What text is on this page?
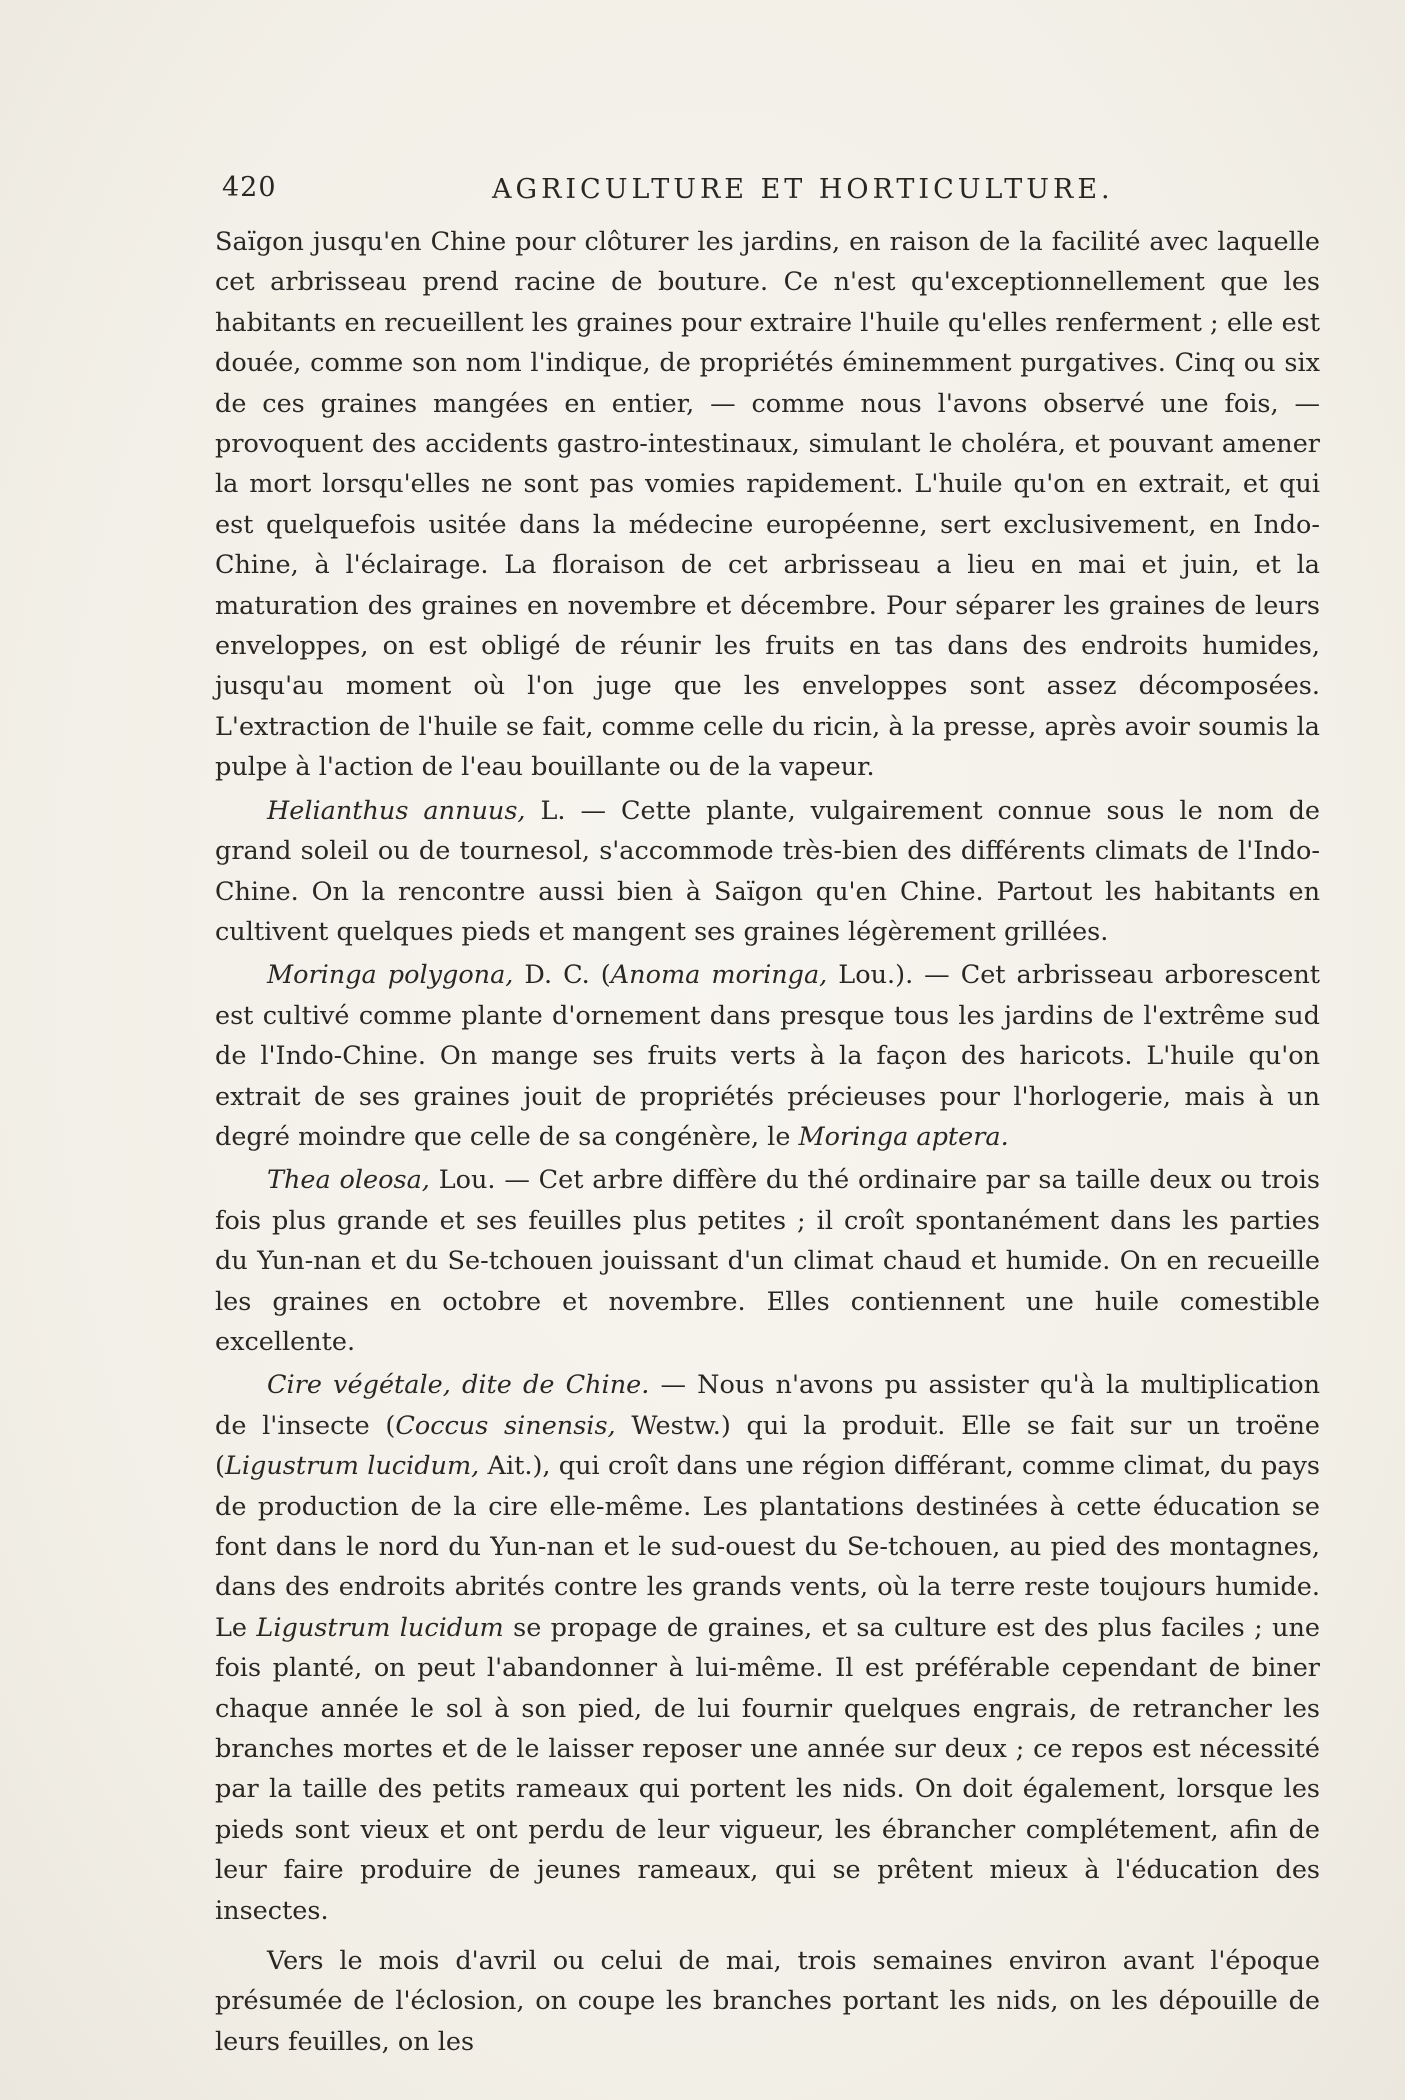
420	AGRICULTURE ET HORTICULTURE.

Saïgon jusqu'en Chine pour clôturer les jardins, en raison de la facilité avec laquelle cet arbrisseau prend racine de bouture. Ce n'est qu'exceptionnellement que les habitants en recueillent les graines pour extraire l'huile qu'elles renferment ; elle est douée, comme son nom l'indique, de propriétés éminemment purgatives. Cinq ou six de ces graines mangées en entier, — comme nous l'avons observé une fois, — provoquent des accidents gastro-intestinaux, simulant le choléra, et pouvant amener la mort lorsqu'elles ne sont pas vomies rapidement. L'huile qu'on en extrait, et qui est quelquefois usitée dans la médecine européenne, sert exclusivement, en Indo-Chine, à l'éclairage. La floraison de cet arbrisseau a lieu en mai et juin, et la maturation des graines en novembre et décembre. Pour séparer les graines de leurs enveloppes, on est obligé de réunir les fruits en tas dans des endroits humides, jusqu'au moment où l'on juge que les enveloppes sont assez décomposées. L'extraction de l'huile se fait, comme celle du ricin, à la presse, après avoir soumis la pulpe à l'action de l'eau bouillante ou de la vapeur.

Helianthus annuus, L. — Cette plante, vulgairement connue sous le nom de grand soleil ou de tournesol, s'accommode très-bien des différents climats de l'Indo-Chine. On la rencontre aussi bien à Saïgon qu'en Chine. Partout les habitants en cultivent quelques pieds et mangent ses graines légèrement grillées.

Moringa polygona, D. C. (Anoma moringa, Lou.). — Cet arbrisseau arborescent est cultivé comme plante d'ornement dans presque tous les jardins de l'extrême sud de l'Indo-Chine. On mange ses fruits verts à la façon des haricots. L'huile qu'on extrait de ses graines jouit de propriétés précieuses pour l'horlogerie, mais à un degré moindre que celle de sa congénère, le Moringa aptera.

Thea oleosa, Lou. — Cet arbre diffère du thé ordinaire par sa taille deux ou trois fois plus grande et ses feuilles plus petites ; il croît spontanément dans les parties du Yun-nan et du Se-tchouen jouissant d'un climat chaud et humide. On en recueille les graines en octobre et novembre. Elles contiennent une huile comestible excellente.

Cire végétale, dite de Chine. — Nous n'avons pu assister qu'à la multiplication de l'insecte (Coccus sinensis, Westw.) qui la produit. Elle se fait sur un troëne (Ligustrum lucidum, Ait.), qui croît dans une région différant, comme climat, du pays de production de la cire elle-même. Les plantations destinées à cette éducation se font dans le nord du Yun-nan et le sud-ouest du Se-tchouen, au pied des montagnes, dans des endroits abrités contre les grands vents, où la terre reste toujours humide. Le Ligustrum lucidum se propage de graines, et sa culture est des plus faciles ; une fois planté, on peut l'abandonner à lui-même. Il est préférable cependant de biner chaque année le sol à son pied, de lui fournir quelques engrais, de retrancher les branches mortes et de le laisser reposer une année sur deux ; ce repos est nécessité par la taille des petits rameaux qui portent les nids. On doit également, lorsque les pieds sont vieux et ont perdu de leur vigueur, les ébrancher complétement, afin de leur faire produire de jeunes rameaux, qui se prêtent mieux à l'éducation des insectes.

Vers le mois d'avril ou celui de mai, trois semaines environ avant l'époque présumée de l'éclosion, on coupe les branches portant les nids, on les dépouille de leurs feuilles, on les
